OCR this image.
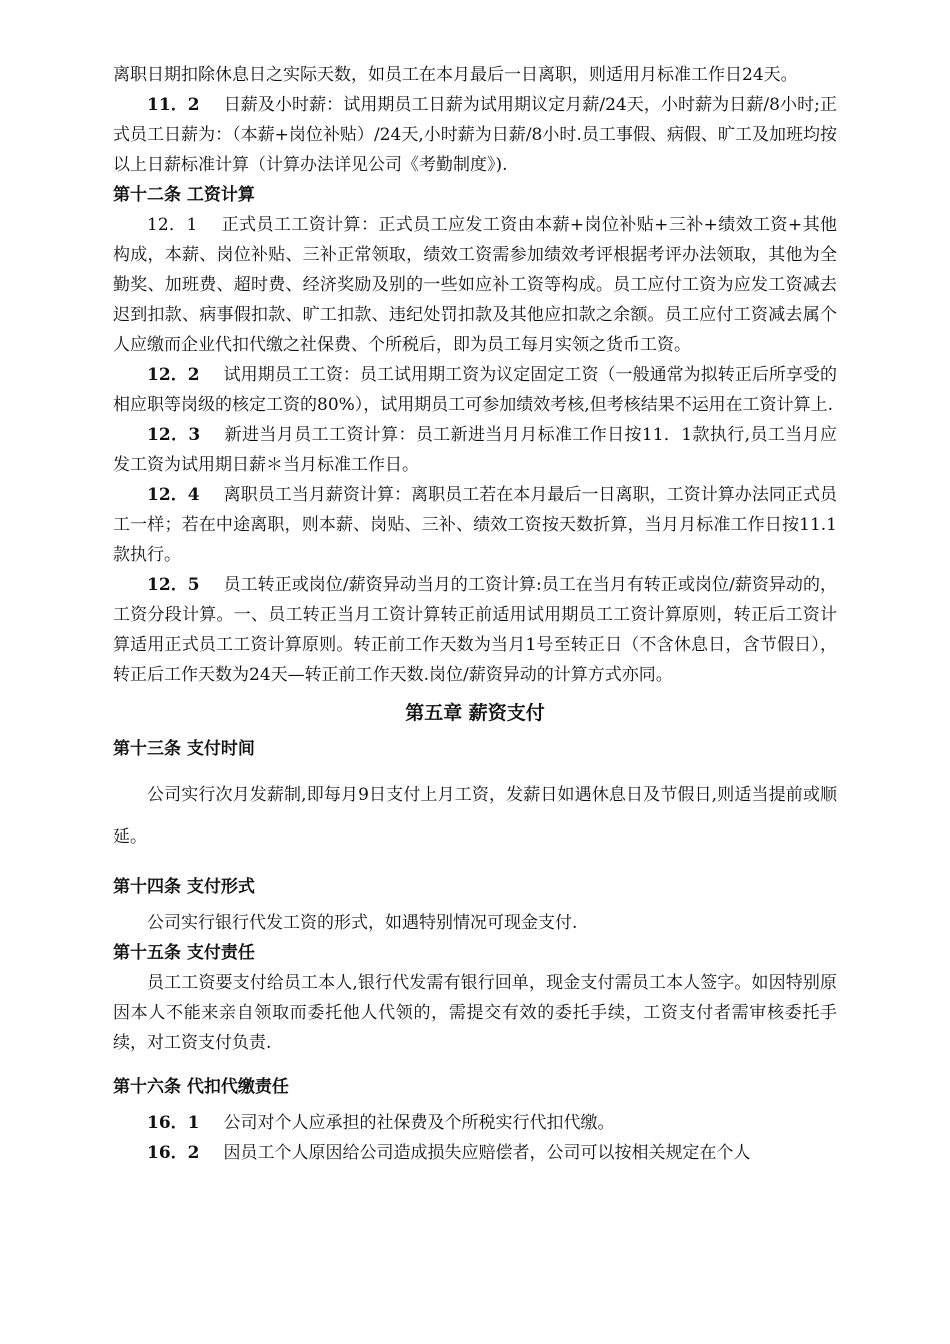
离职日期扣除休息日之实际天数，如员工在本月最后一日离职，则适用月标准工作日24天。

11．2 日薪及小时薪：试用期员工日薪为试用期议定月薪/24天，小时薪为日薪/8小时;正式员工日薪为：（本薪+岗位补贴）/24天,小时薪为日薪/8小时.员工事假、病假、旷工及加班均按以上日薪标准计算（计算办法详见公司《考勤制度》).

第十二条 工资计算

12．1 正式员工工资计算：正式员工应发工资由本薪+岗位补贴+三补+绩效工资+其他构成，本薪、岗位补贴、三补正常领取，绩效工资需参加绩效考评根据考评办法领取，其他为全勤奖、加班费、超时费、经济奖励及别的一些如应补工资等构成。员工应付工资为应发工资减去迟到扣款、病事假扣款、旷工扣款、违纪处罚扣款及其他应扣款之余额。员工应付工资减去属个人应缴而企业代扣代缴之社保费、个所税后，即为员工每月实领之货币工资。

12．2 试用期员工工资：员工试用期工资为议定固定工资（一般通常为拟转正后所享受的相应职等岗级的核定工资的80%），试用期员工可参加绩效考核,但考核结果不运用在工资计算上.

12．3 新进当月员工工资计算：员工新进当月月标准工作日按11．1款执行,员工当月应发工资为试用期日薪＊当月标准工作日。

12．4 离职员工当月薪资计算：离职员工若在本月最后一日离职，工资计算办法同正式员工一样；若在中途离职，则本薪、岗贴、三补、绩效工资按天数折算，当月月标准工作日按11.1款执行。

12．5 员工转正或岗位/薪资异动当月的工资计算:员工在当月有转正或岗位/薪资异动的，工资分段计算。一、员工转正当月工资计算转正前适用试用期员工工资计算原则，转正后工资计算适用正式员工工资计算原则。转正前工作天数为当月1号至转正日（不含休息日，含节假日），转正后工作天数为24天—转正前工作天数.岗位/薪资异动的计算方式亦同。

第五章 薪资支付
第十三条 支付时间

公司实行次月发薪制,即每月9日支付上月工资，发薪日如遇休息日及节假日,则适当提前或顺延。

第十四条 支付形式

公司实行银行代发工资的形式，如遇特别情况可现金支付.

第十五条 支付责任

员工工资要支付给员工本人,银行代发需有银行回单，现金支付需员工本人签字。如因特别原因本人不能来亲自领取而委托他人代领的，需提交有效的委托手续，工资支付者需审核委托手续，对工资支付负责.

第十六条 代扣代缴责任

16．1 公司对个人应承担的社保费及个所税实行代扣代缴。

16．2 因员工个人原因给公司造成损失应赔偿者，公司可以按相关规定在个人
